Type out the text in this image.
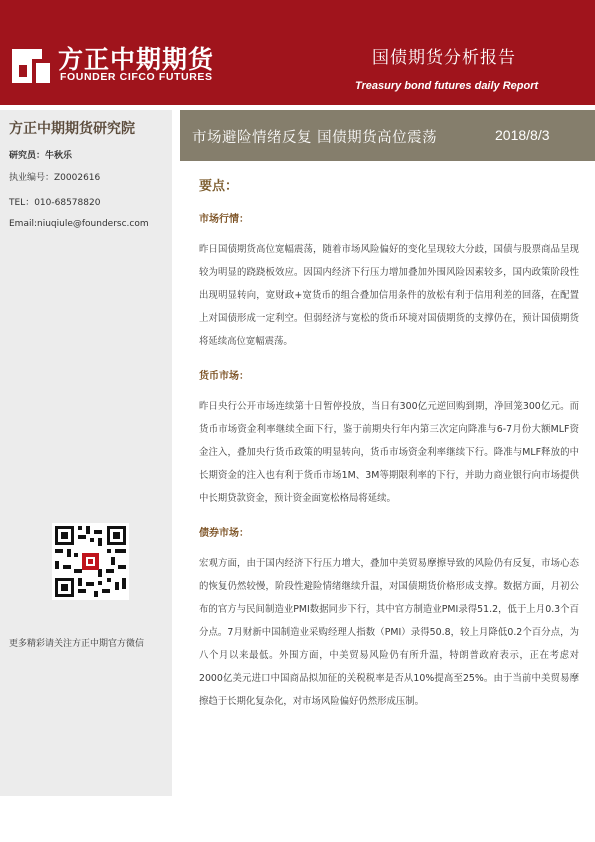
方正中期期货
FOUNDER CIFCO FUTURES
国债期货分析报告
Treasury bond futures daily Report
方正中期期货研究院
研究员：牛秋乐
执业编号：Z0002616
TEL：010-68578820
Email:niuqiule@foundersc.com
更多精彩请关注方正中期官方微信
市场避险情绪反复 国债期货高位震荡	2018/8/3
要点：
市场行情：
昨日国债期货高位宽幅震荡，随着市场风险偏好的变化呈现较大分歧，国债与股票商品呈现较为明显的跷跷板效应。因国内经济下行压力增加叠加外围风险因素较多，国内政策阶段性出现明显转向，宽财政+宽货币的组合叠加信用条件的放松有利于信用利差的回落，在配置上对国债形成一定利空。但弱经济与宽松的货币环境对国债期货的支撑仍在，预计国债期货将延续高位宽幅震荡。
货币市场：
昨日央行公开市场连续第十日暂停投放，当日有300亿元逆回购到期，净回笼300亿元。而货币市场资金利率继续全面下行，鉴于前期央行年内第三次定向降准与6-7月份大额MLF资金注入，叠加央行货币政策的明显转向，货币市场资金利率继续下行。降准与MLF释放的中长期资金的注入也有利于货币市场1M、3M等期限利率的下行，并助力商业银行向市场提供中长期贷款资金，预计资金面宽松格局将延续。
债券市场：
宏观方面，由于国内经济下行压力增大，叠加中美贸易摩擦导致的风险仍有反复，市场心态的恢复仍然较慢，阶段性避险情绪继续升温，对国债期货价格形成支撑。数据方面，月初公布的官方与民间制造业PMI数据同步下行，其中官方制造业PMI录得51.2，低于上月0.3个百分点。7月财新中国制造业采购经理人指数（PMI）录得50.8，较上月降低0.2个百分点，为八个月以来最低。外围方面，中美贸易风险仍有所升温，特朗普政府表示，正在考虑对2000亿美元进口中国商品拟加征的关税税率是否从10%提高至25%。由于当前中美贸易摩擦趋于长期化复杂化，对市场风险偏好仍然形成压制。
